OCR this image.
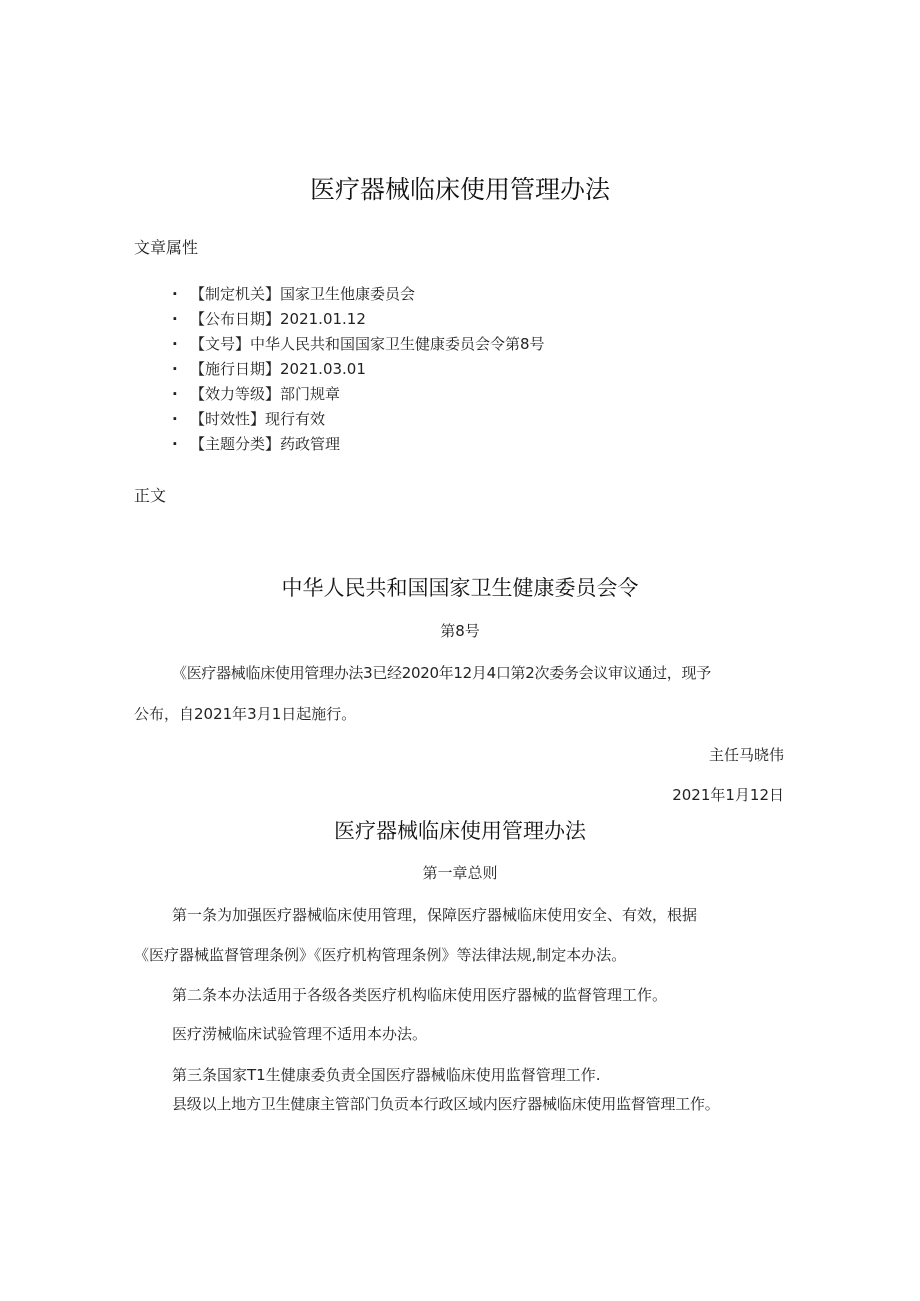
医疗器械临床使用管理办法
文章属性
· 【制定机关】国家卫生他康委员会
· 【公布日期】2021.01.12
· 【文号】中华人民共和国国家卫生健康委员会令第8号
· 【施行日期】2021.03.01
· 【效力等级】部门规章
· 【时效性】现行有效
· 【主题分类】药政管理
正文
中华人民共和国国家卫生健康委员会令
第8号
《医疗器械临床使用管理办法3已经2020年12月4口第2次委务会议审议通过，现予
公布，自2021年3月1日起施行。
主任马晓伟
2021年1月12日
医疗器械临床使用管理办法
第一章总则
第一条为加强医疗器械临床使用管理，保障医疗器械临床使用安全、有效，根据
《医疗器械监督管理条例》《医疗机构管理条例》等法律法规,制定本办法。
第二条本办法适用于各级各类医疗机构临床使用医疗器械的监督管理工作。
医疗涝械临床试验管理不适用本办法。
第三条国家T1生健康委负责全国医疗器械临床使用监督管理工作.
县级以上地方卫生健康主管部门负贡本行政区域内医疗器械临床使用监督管理工作。
